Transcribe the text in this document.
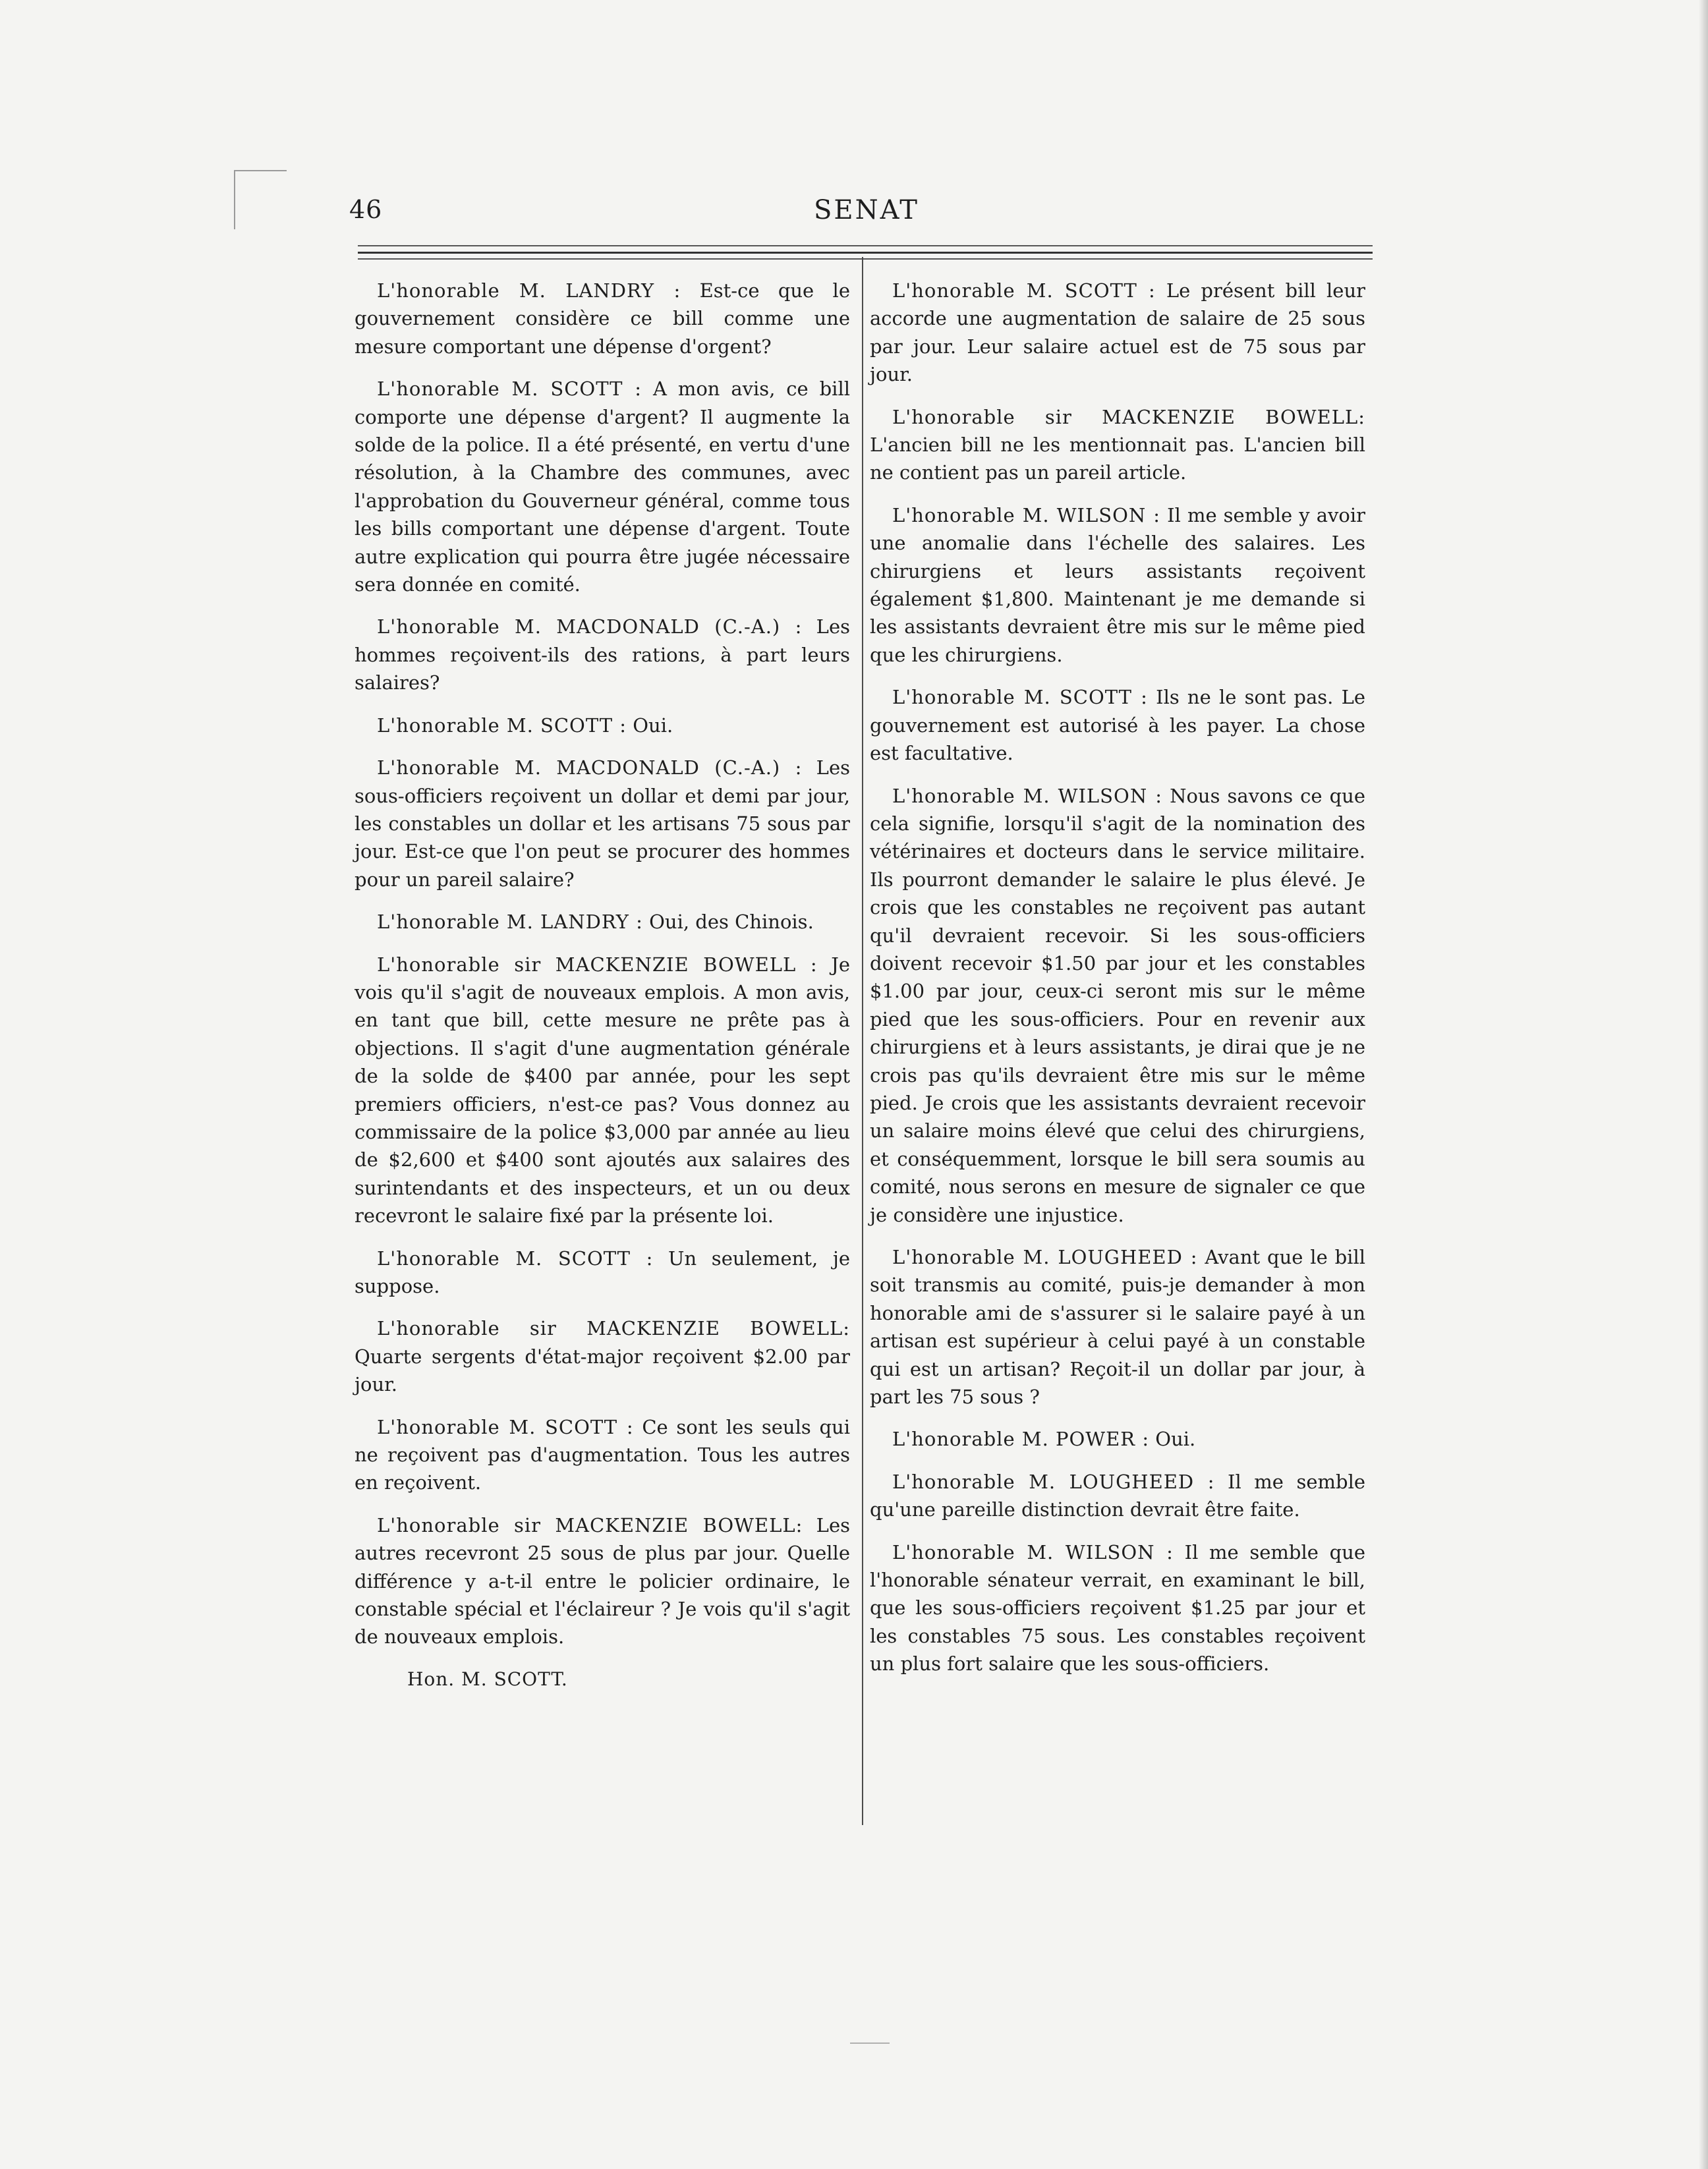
46	SENAT

L'honorable M. LANDRY : Est-ce que le gouvernement considère ce bill comme une mesure comportant une dépense d'orgent?

L'honorable M. SCOTT : A mon avis, ce bill comporte une dépense d'argent? Il augmente la solde de la police. Il a été présenté, en vertu d'une résolution, à la Chambre des communes, avec l'approbation du Gouverneur général, comme tous les bills comportant une dépense d'argent. Toute autre explication qui pourra être jugée nécessaire sera donnée en comité.

L'honorable M. MACDONALD (C.-A.) : Les hommes reçoivent-ils des rations, à part leurs salaires?

L'honorable M. SCOTT : Oui.

L'honorable M. MACDONALD (C.-A.) : Les sous-officiers reçoivent un dollar et demi par jour, les constables un dollar et les artisans 75 sous par jour. Est-ce que l'on peut se procurer des hommes pour un pareil salaire?

L'honorable M. LANDRY : Oui, des Chinois.

L'honorable sir MACKENZIE BOWELL : Je vois qu'il s'agit de nouveaux emplois. A mon avis, en tant que bill, cette mesure ne prête pas à objections. Il s'agit d'une augmentation générale de la solde de $400 par année, pour les sept premiers officiers, n'est-ce pas? Vous donnez au commissaire de la police $3,000 par année au lieu de $2,600 et $400 sont ajoutés aux salaires des surintendants et des inspecteurs, et un ou deux recevront le salaire fixé par la présente loi.

L'honorable M. SCOTT : Un seulement, je suppose.

L'honorable sir MACKENZIE BOWELL: Quarte sergents d'état-major reçoivent $2.00 par jour.

L'honorable M. SCOTT : Ce sont les seuls qui ne reçoivent pas d'augmentation. Tous les autres en reçoivent.

L'honorable sir MACKENZIE BOWELL: Les autres recevront 25 sous de plus par jour. Quelle différence y a-t-il entre le policier ordinaire, le constable spécial et l'éclaireur ? Je vois qu'il s'agit de nouveaux emplois.

Hon. M. SCOTT.

L'honorable M. SCOTT : Le présent bill leur accorde une augmentation de salaire de 25 sous par jour. Leur salaire actuel est de 75 sous par jour.

L'honorable sir MACKENZIE BOWELL: L'ancien bill ne les mentionnait pas. L'ancien bill ne contient pas un pareil article.

L'honorable M. WILSON : Il me semble y avoir une anomalie dans l'échelle des salaires. Les chirurgiens et leurs assistants reçoivent également $1,800. Maintenant je me demande si les assistants devraient être mis sur le même pied que les chirurgiens.

L'honorable M. SCOTT : Ils ne le sont pas. Le gouvernement est autorisé à les payer. La chose est facultative.

L'honorable M. WILSON : Nous savons ce que cela signifie, lorsqu'il s'agit de la nomination des vétérinaires et docteurs dans le service militaire. Ils pourront demander le salaire le plus élevé. Je crois que les constables ne reçoivent pas autant qu'il devraient recevoir. Si les sous-officiers doivent recevoir $1.50 par jour et les constables $1.00 par jour, ceux-ci seront mis sur le même pied que les sous-officiers. Pour en revenir aux chirurgiens et à leurs assistants, je dirai que je ne crois pas qu'ils devraient être mis sur le même pied. Je crois que les assistants devraient recevoir un salaire moins élevé que celui des chirurgiens, et conséquemment, lorsque le bill sera soumis au comité, nous serons en mesure de signaler ce que je considère une injustice.

L'honorable M. LOUGHEED : Avant que le bill soit transmis au comité, puis-je demander à mon honorable ami de s'assurer si le salaire payé à un artisan est supérieur à celui payé à un constable qui est un artisan? Reçoit-il un dollar par jour, à part les 75 sous ?

L'honorable M. POWER : Oui.

L'honorable M. LOUGHEED : Il me semble qu'une pareille distinction devrait être faite.

L'honorable M. WILSON : Il me semble que l'honorable sénateur verrait, en examinant le bill, que les sous-officiers reçoivent $1.25 par jour et les constables 75 sous. Les constables reçoivent un plus fort salaire que les sous-officiers.
